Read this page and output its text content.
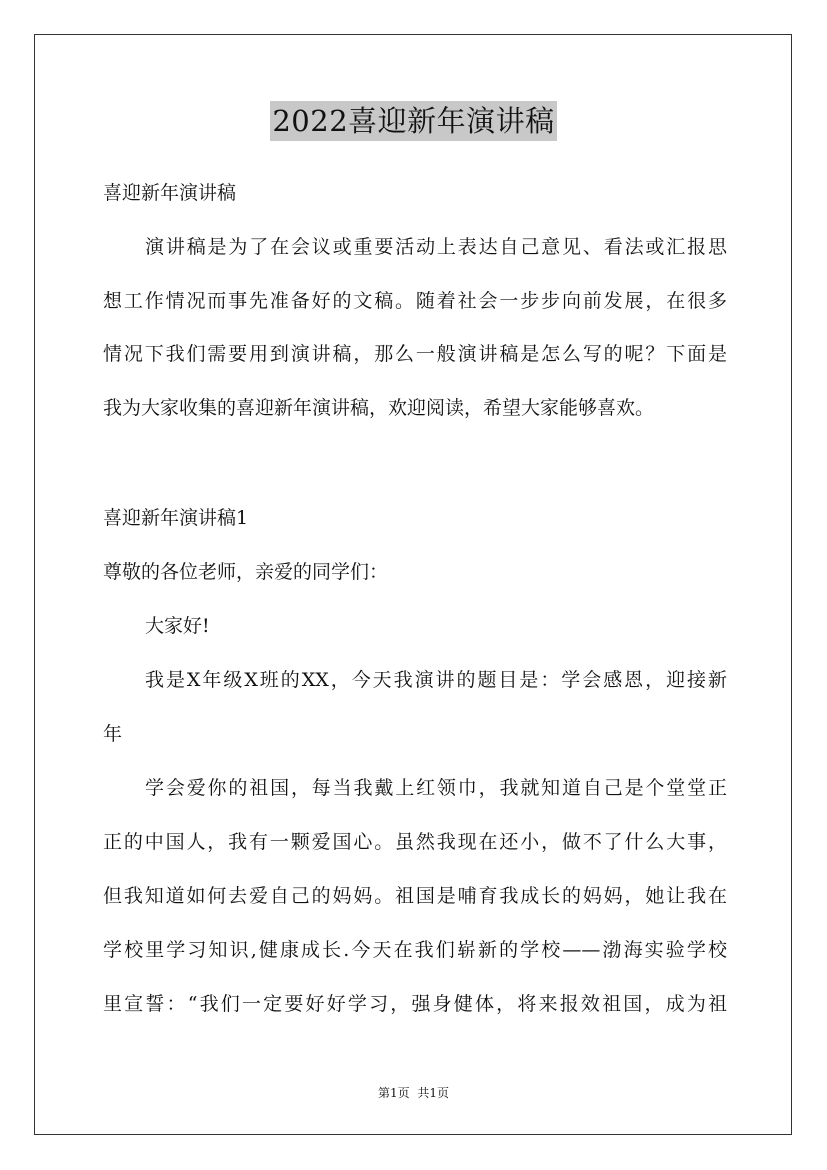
2022喜迎新年演讲稿
喜迎新年演讲稿
演讲稿是为了在会议或重要活动上表达自己意见、看法或汇报思
想工作情况而事先准备好的文稿。随着社会一步步向前发展，在很多
情况下我们需要用到演讲稿，那么一般演讲稿是怎么写的呢？下面是
我为大家收集的喜迎新年演讲稿，欢迎阅读，希望大家能够喜欢。
喜迎新年演讲稿1
尊敬的各位老师，亲爱的同学们：
大家好!
我是X年级X班的XX，今天我演讲的题目是：学会感恩，迎接新
年
学会爱你的祖国，每当我戴上红领巾，我就知道自己是个堂堂正
正的中国人，我有一颗爱国心。虽然我现在还小，做不了什么大事，
但我知道如何去爱自己的妈妈。祖国是哺育我成长的妈妈，她让我在
学校里学习知识,健康成长.今天在我们崭新的学校——渤海实验学校
里宣誓：“我们一定要好好学习，强身健体，将来报效祖国，成为祖
第1页 共1页
